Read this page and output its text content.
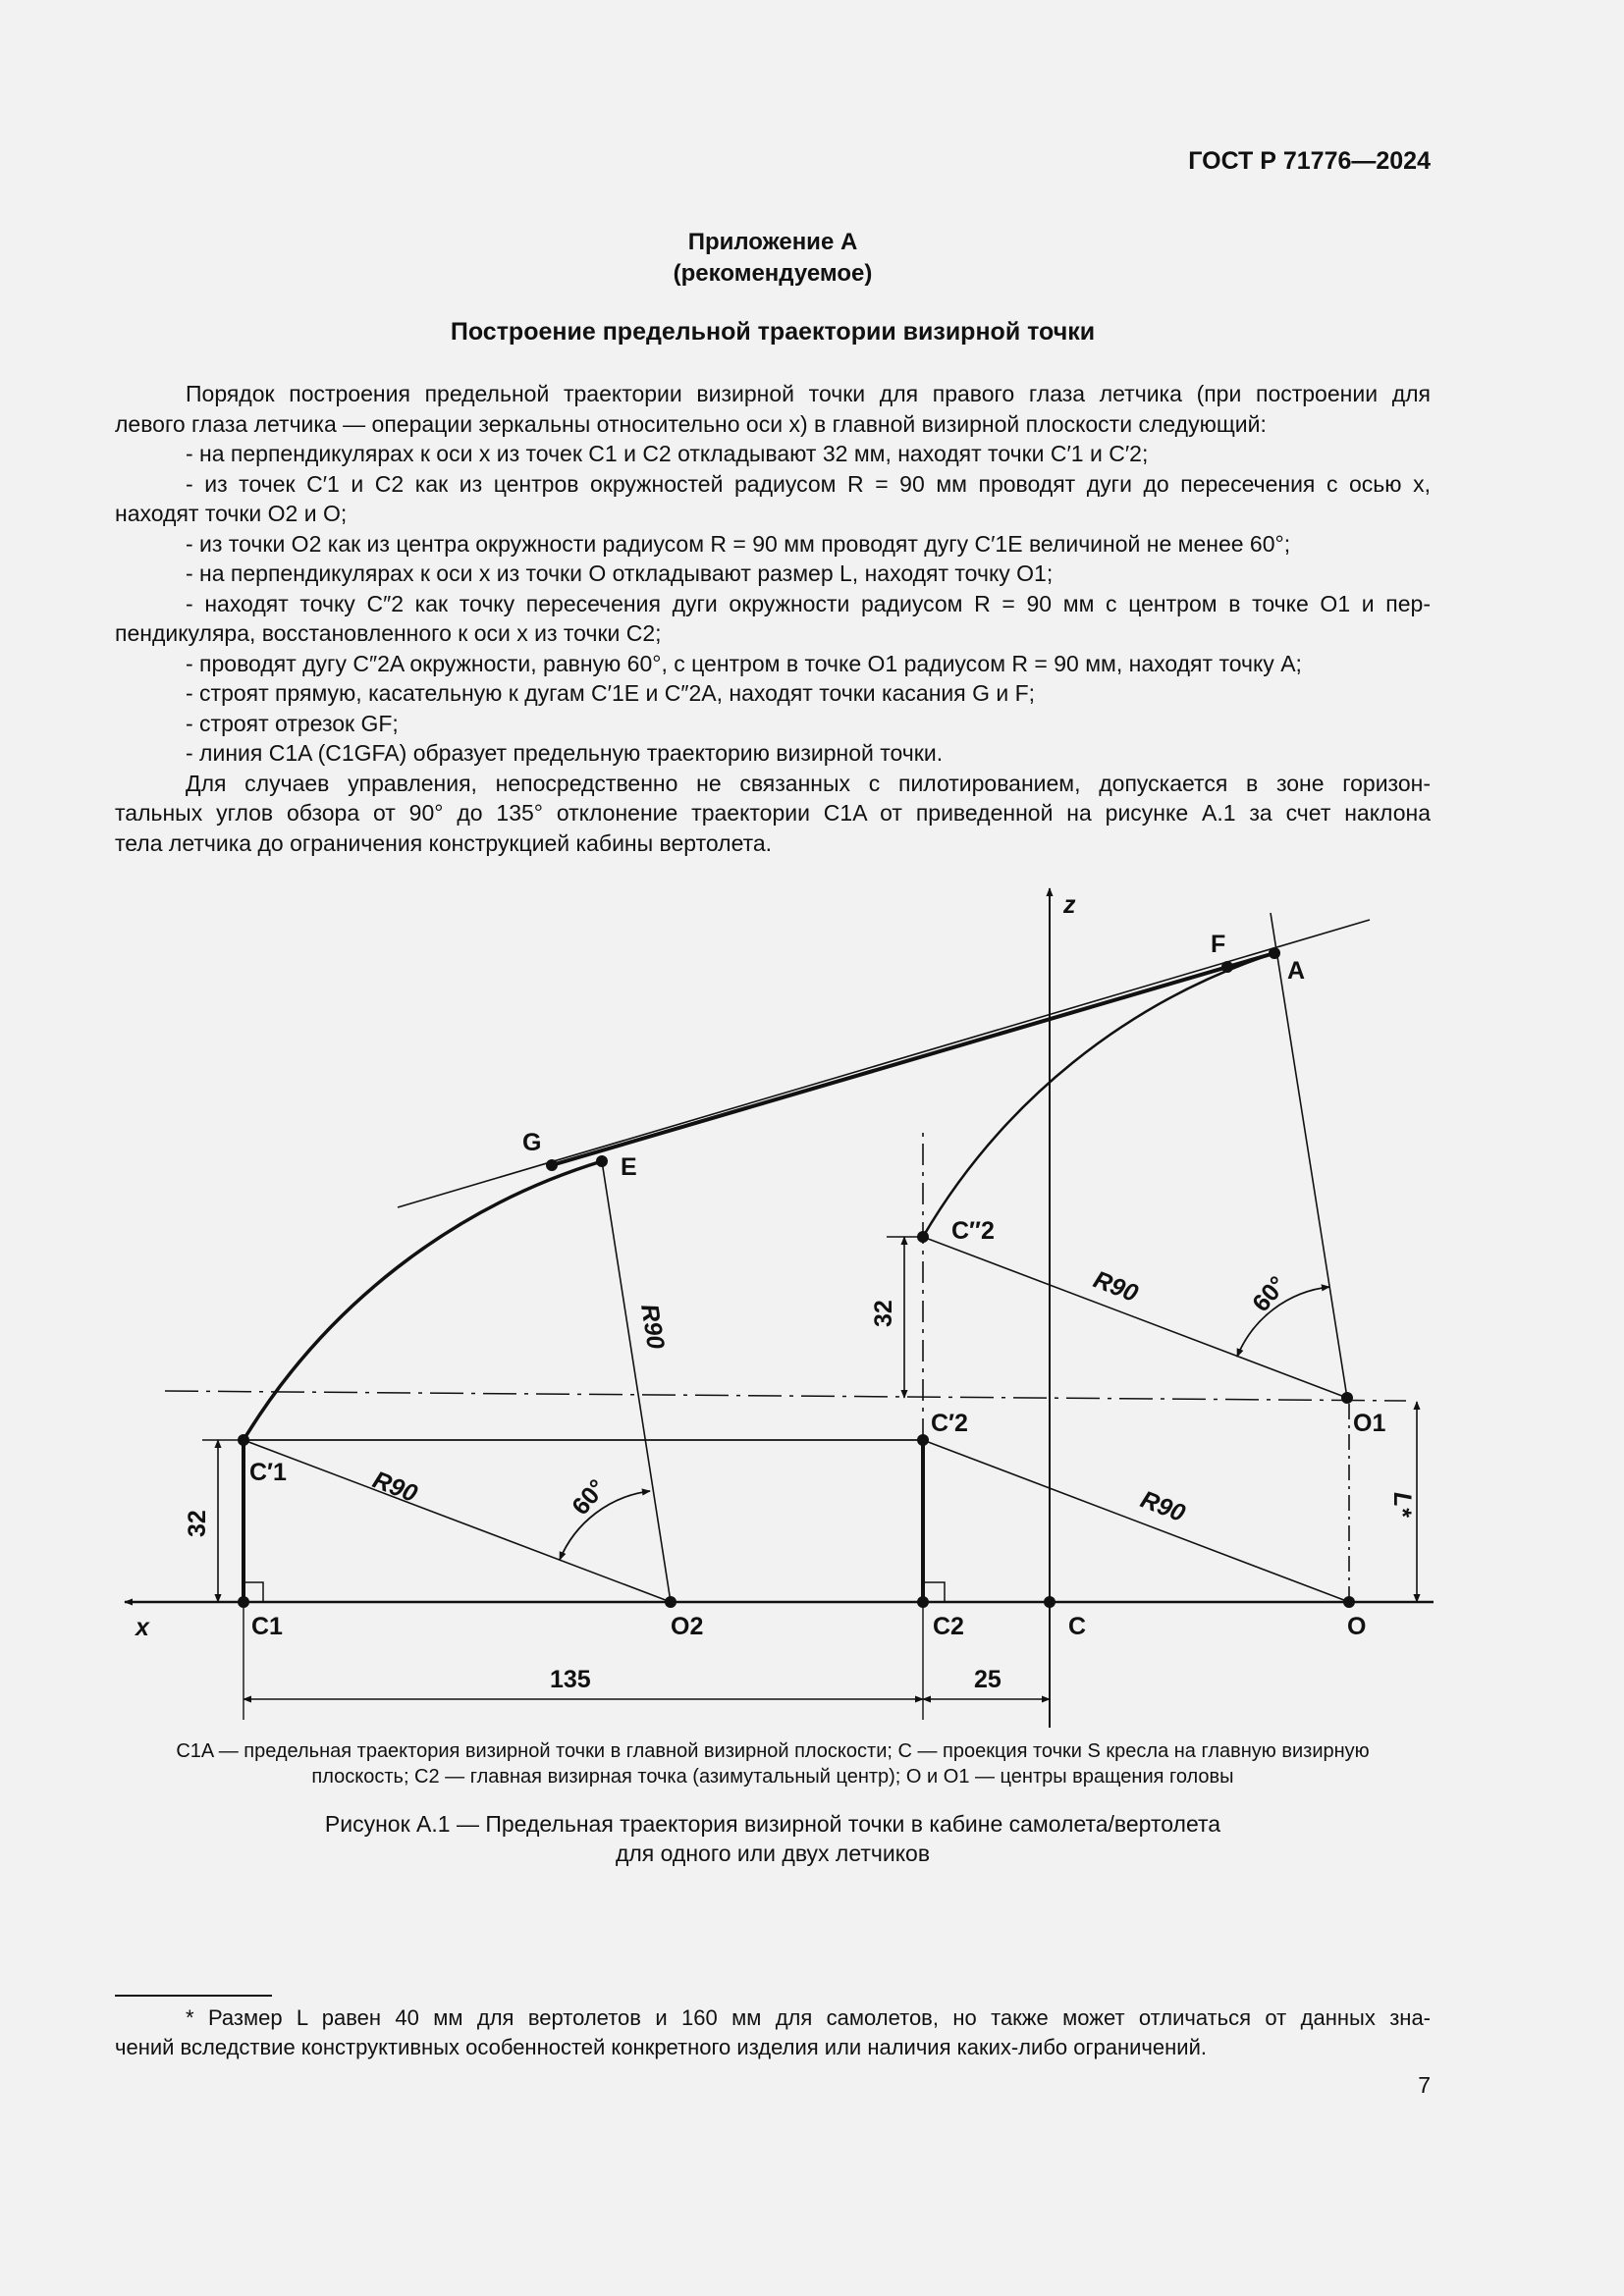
ГОСТ Р 71776—2024
Приложение А
(рекомендуемое)
Построение предельной траектории визирной точки

Порядок построения предельной траектории визирной точки для правого глаза летчика (при построении для

левого глаза летчика — операции зеркальны относительно оси x) в главной визирной плоскости следующий:

- на перпендикулярах к оси x из точек C1 и C2 откладывают 32 мм, находят точки C′1 и C′2;

- из точек C′1 и C2 как из центров окружностей радиусом R = 90 мм проводят дуги до пересечения с осью x,

находят точки O2 и O;

- из точки O2 как из центра окружности радиусом R = 90 мм проводят дугу C′1E величиной не менее 60°;

- на перпендикулярах к оси x из точки O откладывают размер L, находят точку O1;

- находят точку C″2 как точку пересечения дуги окружности радиусом R = 90 мм с центром в точке O1 и пер-

пендикуляра, восстановленного к оси x из точки C2;

- проводят дугу C″2A окружности, равную 60°, с центром в точке O1 радиусом R = 90 мм, находят точку A;

- строят прямую, касательную к дугам C′1E и C″2A, находят точки касания G и F;

- строят отрезок GF;

- линия C1A (C1GFA) образует предельную траекторию визирной точки.

Для случаев управления, непосредственно не связанных с пилотированием, допускается в зоне горизон-

тальных углов обзора от 90° до 135° отклонение траектории C1A от приведенной на рисунке А.1 за счет наклона

тела летчика до ограничения конструкцией кабины вертолета.

z
x
F
A
G
E
C″2
C′2
C′1
O1
C1	O2	C2	C	O
R90
R90
R90
R90
60°
60°
32
32
L*
135	25
C1A — предельная траектория визирной точки в главной визирной плоскости; C — проекция точки S кресла на главную визирную
плоскость; C2 — главная визирная точка (азимутальный центр); O и O1 — центры вращения головы
Рисунок А.1 — Предельная траектория визирной точки в кабине самолета/вертолета
для одного или двух летчиков

* Размер L равен 40 мм для вертолетов и 160 мм для самолетов, но также может отличаться от данных зна-

чений вследствие конструктивных особенностей конкретного изделия или наличия каких-либо ограничений.

7
